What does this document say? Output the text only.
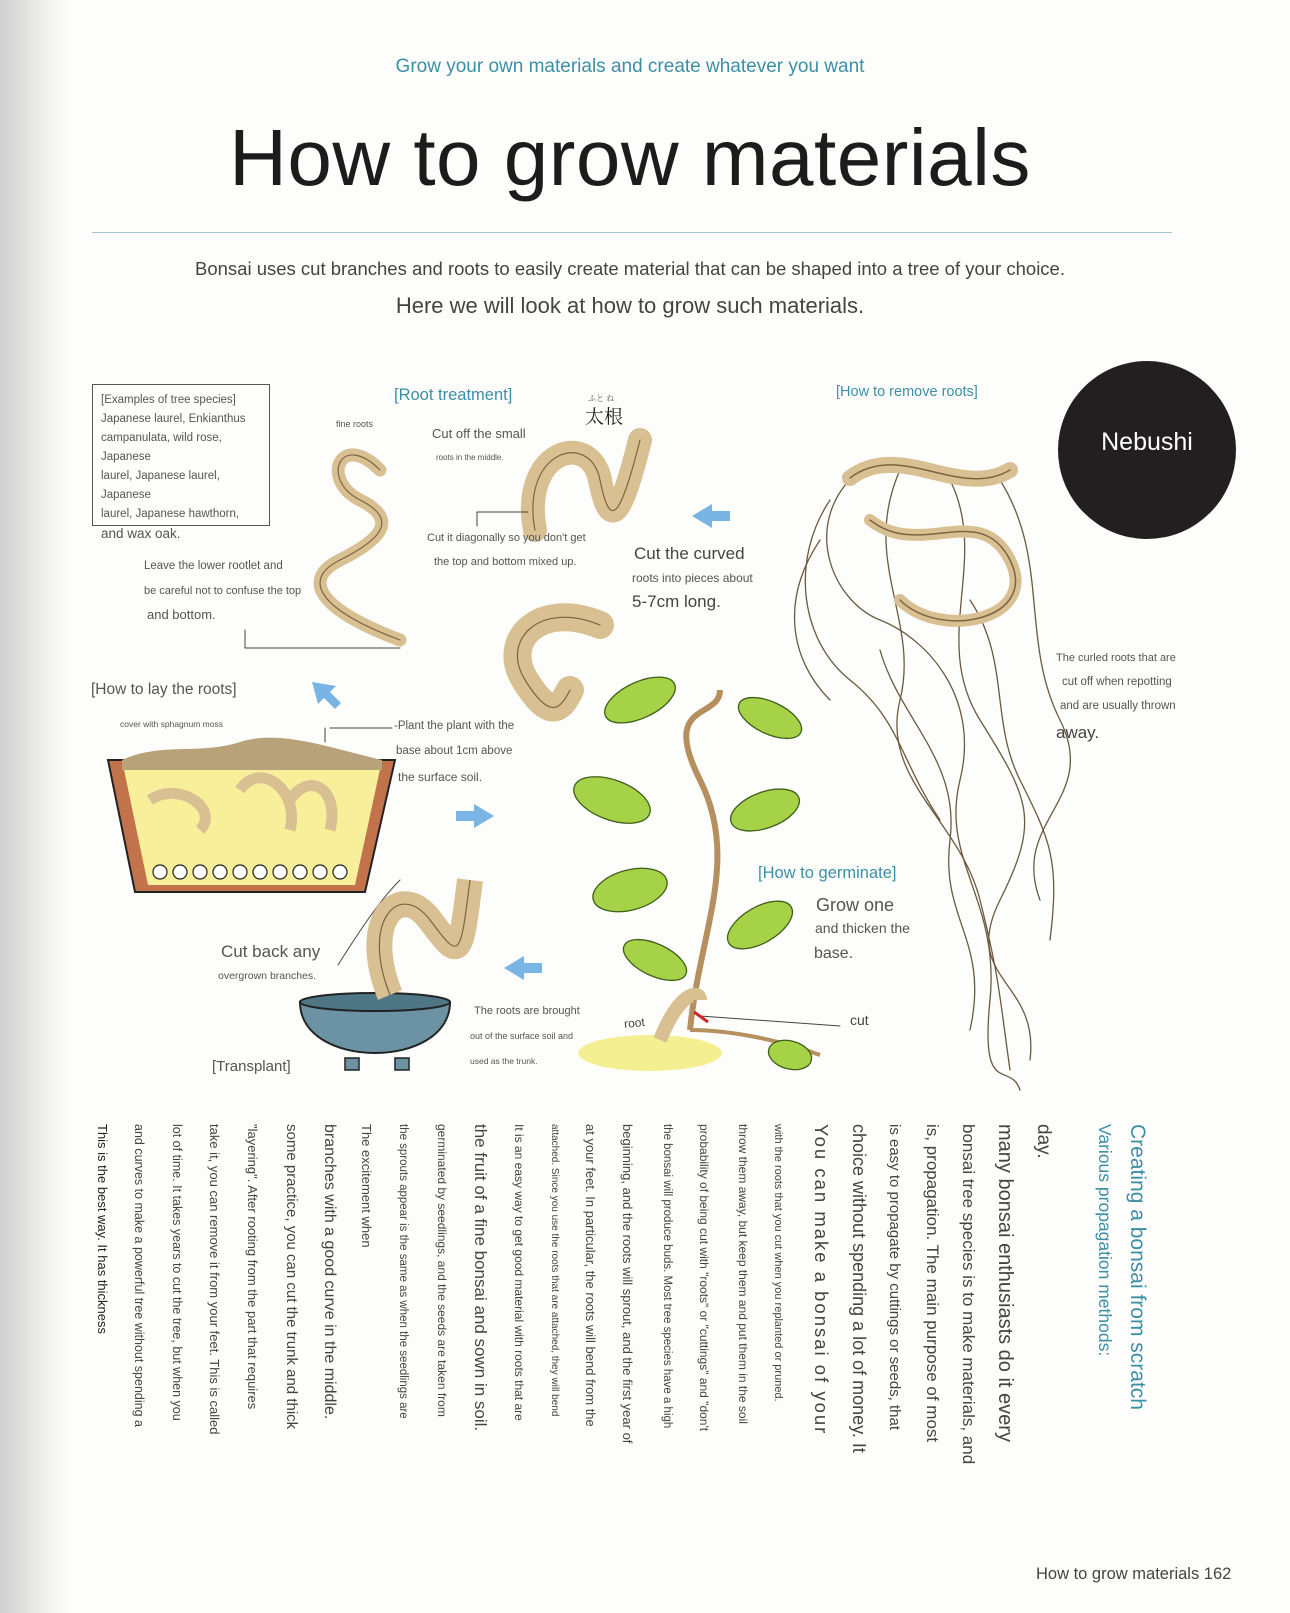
Grow your own materials and create whatever you want
How to grow materials
Bonsai uses cut branches and roots to easily create material that can be shaped into a tree of your choice.
Here we will look at how to grow such materials.
[Examples of tree species]
Japanese laurel, Enkianthus
campanulata, wild rose, Japanese
laurel, Japanese laurel, Japanese
laurel, Japanese hawthorn,
and wax oak.
Nebushi
[Root treatment]	ふと ね
太根
fine roots
Cut off the small
roots in the middle.
Cut it diagonally so you don't get
the top and bottom mixed up.
Leave the lower rootlet and
be careful not to confuse the top
and bottom.
Cut the curved
roots into pieces about
5-7cm long.
[How to remove roots]
The curled roots that are
cut off when repotting
and are usually thrown
away.
[How to lay the roots]
cover with sphagnum moss	-Plant the plant with the
base about 1cm above
the surface soil.
[How to germinate]
Grow one
and thicken the
base.
root	cut
Cut back any
overgrown branches.
The roots are brought
out of the surface soil and
used as the trunk.
[Transplant]
Creating a bonsai from scratch
Various propagation methods:
day.
many bonsai enthusiasts do it every
bonsai tree species is to make materials, and
is, propagation. The main purpose of most
is easy to propagate by cuttings or seeds, that
choice without spending a lot of money. It
You can make a bonsai of your
with the roots that you cut when you replanted or pruned.
throw them away, but keep them and put them in the soil
probability of being cut with "roots" or "cuttings" and "don't
the bonsai will produce buds. Most tree species have a high
beginning, and the roots will sprout, and the first year of
at your feet. In particular, the roots will bend from the
attached. Since you use the roots that are attached, they will bend
It is an easy way to get good material with roots that are
the fruit of a fine bonsai and sown in soil.
germinated by seedlings, and the seeds are taken from
the sprouts appear is the same as when the seedlings are
The excitement when
branches with a good curve in the middle.
some practice, you can cut the trunk and thick
"layering". After rooting from the part that requires
take it, you can remove it from your feet. This is called
lot of time. It takes years to cut the tree, but when you
and curves to make a powerful tree without spending a
This is the best way. It has thickness
How to grow materials 162
